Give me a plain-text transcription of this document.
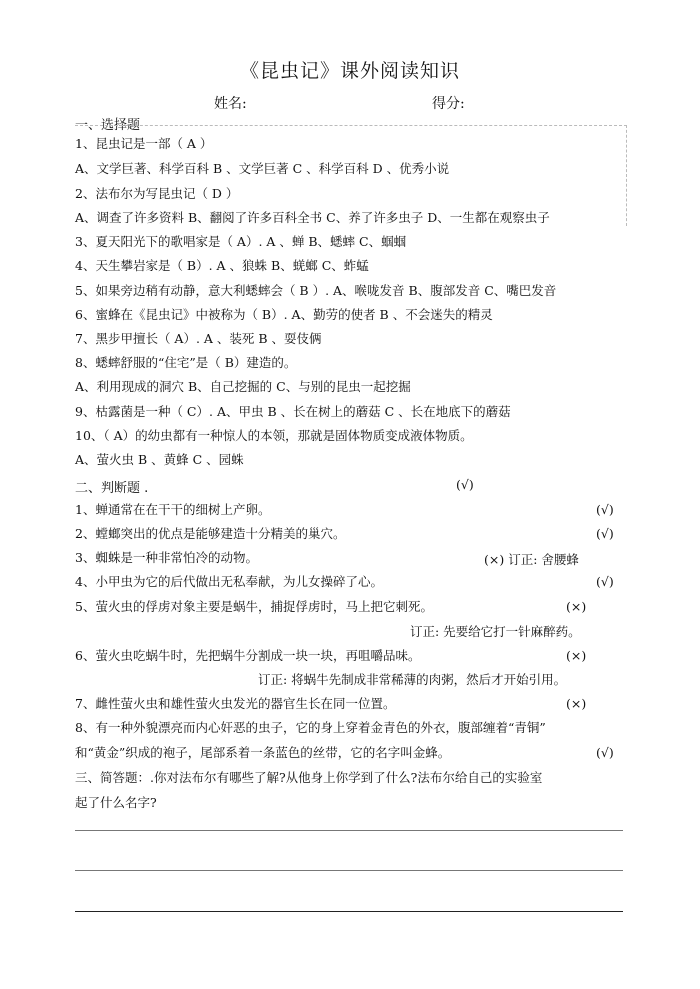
《昆虫记》课外阅读知识
姓名:	得分:
一、选择题
1、昆虫记是一部（ A ）
A、文学巨著、科学百科 B 、文学巨著 C 、科学百科 D 、优秀小说
2、法布尔为写昆虫记（ D ）
A、调查了许多资料 B、翻阅了许多百科全书 C、养了许多虫子 D、一生都在观察虫子
3、夏天阳光下的歌唱家是（ A）. A 、蝉 B、蟋蟀 C、蝈蝈
4、天生攀岩家是（ B）. A 、狼蛛 B、蜣螂 C、蚱蜢
5、如果旁边稍有动静，意大利蟋蟀会（ B ）. A、喉咙发音 B、腹部发音 C、嘴巴发音
6、蜜蜂在《昆虫记》中被称为（ B）. A、勤劳的使者 B 、不会迷失的精灵
7、黑步甲擅长（ A）. A 、装死 B 、耍伎俩
8、蟋蟀舒服的“住宅”是（ B）建造的。
A、利用现成的洞穴 B、自己挖掘的 C、与别的昆虫一起挖掘
9、枯露菌是一种（ C）. A、甲虫 B 、长在树上的蘑菇 C 、长在地底下的蘑菇
10、（ A）的幼虫都有一种惊人的本领，那就是固体物质变成液体物质。
A、萤火虫 B 、黄蜂 C 、园蛛
二、判断题 .	(√)
1、蝉通常在在干干的细树上产卵。	(√)
2、螳螂突出的优点是能够建造十分精美的巢穴。	(√)
3、蜘蛛是一种非常怕冷的动物。	(×) 订正: 舍腰蜂
4、小甲虫为它的后代做出无私奉献，为儿女操碎了心。	(√)
5、萤火虫的俘虏对象主要是蜗牛，捕捉俘虏时，马上把它刺死。	(×)
订正: 先要给它打一针麻醉药。
6、萤火虫吃蜗牛时，先把蜗牛分割成一块一块，再咀嚼品味。	(×)
订正: 将蜗牛先制成非常稀薄的肉粥，然后才开始引用。
7、雌性萤火虫和雄性萤火虫发光的器官生长在同一位置。	(×)
8、有一种外貌漂亮而内心奸恶的虫子，它的身上穿着金青色的外衣，腹部缠着“青铜”
和“黄金”织成的袍子，尾部系着一条蓝色的丝带，它的名字叫金蜂。	(√)
三、简答题：.你对法布尔有哪些了解?从他身上你学到了什么?法布尔给自己的实验室
起了什么名字?
